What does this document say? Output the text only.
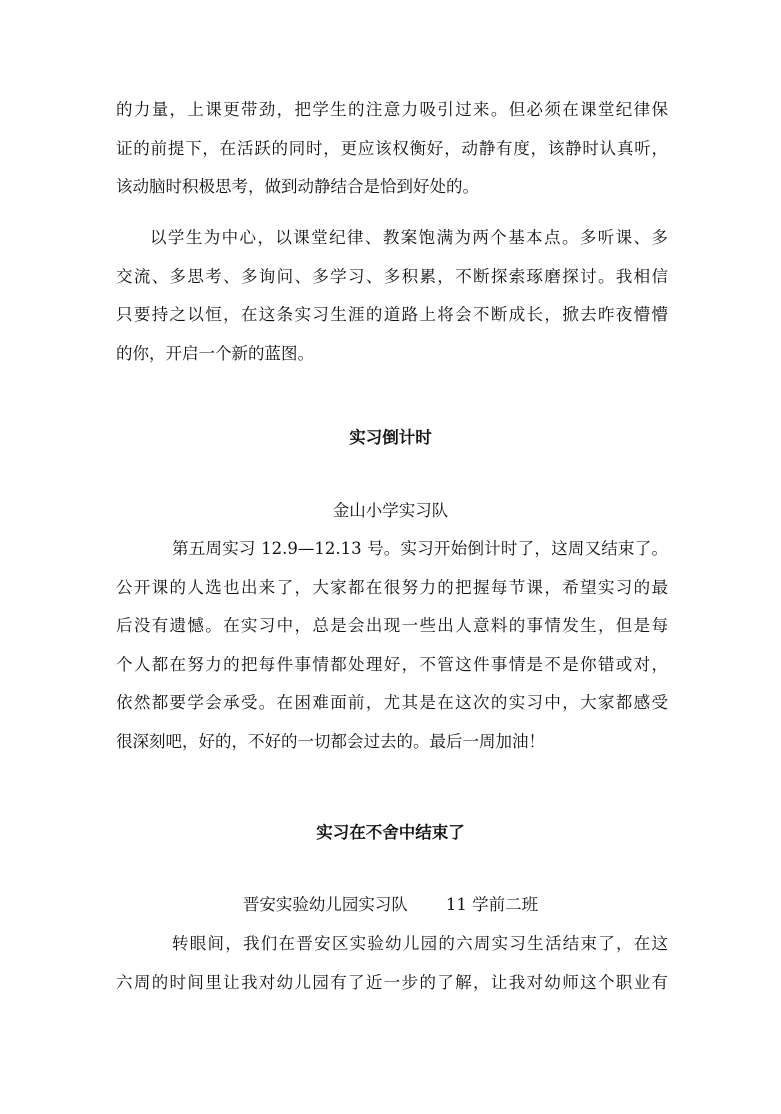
的力量，上课更带劲，把学生的注意力吸引过来。但必须在课堂纪律保
证的前提下，在活跃的同时，更应该权衡好，动静有度，该静时认真听，
该动脑时积极思考，做到动静结合是恰到好处的。
以学生为中心，以课堂纪律、教案饱满为两个基本点。多听课、多
交流、多思考、多询问、多学习、多积累，不断探索琢磨探讨。我相信
只要持之以恒，在这条实习生涯的道路上将会不断成长，掀去昨夜懵懵
的你，开启一个新的蓝图。
实习倒计时
金山小学实习队
第五周实习 12.9—12.13 号。实习开始倒计时了，这周又结束了。
公开课的人选也出来了，大家都在很努力的把握每节课，希望实习的最
后没有遗憾。在实习中，总是会出现一些出人意料的事情发生，但是每
个人都在努力的把每件事情都处理好，不管这件事情是不是你错或对，
依然都要学会承受。在困难面前，尤其是在这次的实习中，大家都感受
很深刻吧，好的，不好的一切都会过去的。最后一周加油！
实习在不舍中结束了
晋安实验幼儿园实习队 11 学前二班
转眼间，我们在晋安区实验幼儿园的六周实习生活结束了，在这
六周的时间里让我对幼儿园有了近一步的了解，让我对幼师这个职业有
